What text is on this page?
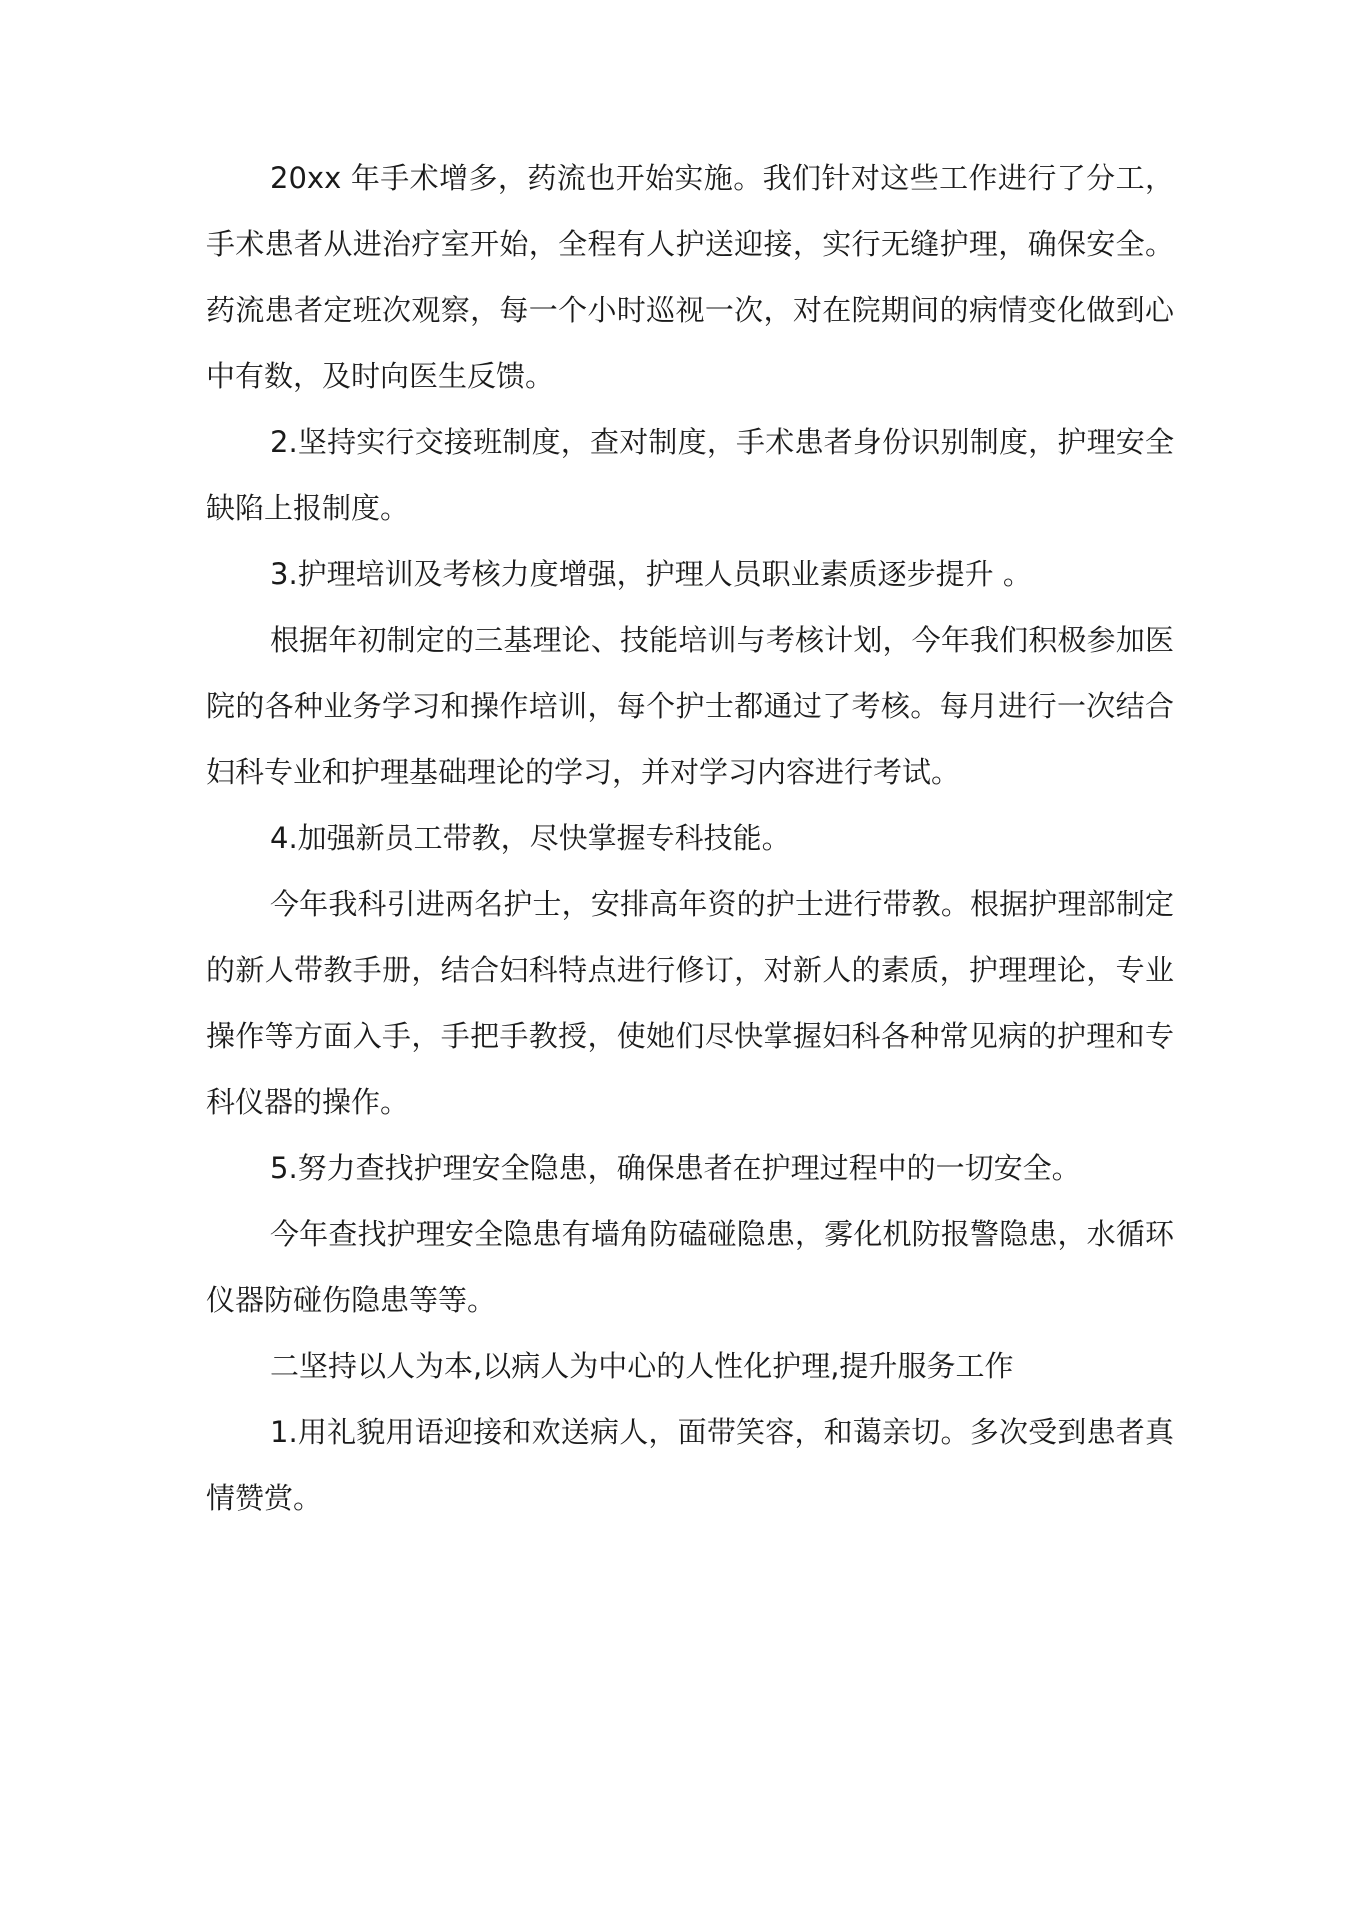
20xx 年手术增多，药流也开始实施。我们针对这些工作进行了分工，手术患者从进治疗室开始，全程有人护送迎接，实行无缝护理，确保安全。药流患者定班次观察，每一个小时巡视一次，对在院期间的病情变化做到心中有数，及时向医生反馈。

2.坚持实行交接班制度，查对制度，手术患者身份识别制度，护理安全缺陷上报制度。

3.护理培训及考核力度增强，护理人员职业素质逐步提升 。

根据年初制定的三基理论、技能培训与考核计划，今年我们积极参加医院的各种业务学习和操作培训，每个护士都通过了考核。每月进行一次结合妇科专业和护理基础理论的学习，并对学习内容进行考试。

4.加强新员工带教，尽快掌握专科技能。

今年我科引进两名护士，安排高年资的护士进行带教。根据护理部制定的新人带教手册，结合妇科特点进行修订，对新人的素质，护理理论，专业操作等方面入手，手把手教授，使她们尽快掌握妇科各种常见病的护理和专科仪器的操作。

5.努力查找护理安全隐患，确保患者在护理过程中的一切安全。

今年查找护理安全隐患有墙角防磕碰隐患，雾化机防报警隐患，水循环仪器防碰伤隐患等等。

二坚持以人为本,以病人为中心的人性化护理,提升服务工作

1.用礼貌用语迎接和欢送病人，面带笑容，和蔼亲切。多次受到患者真情赞赏。
